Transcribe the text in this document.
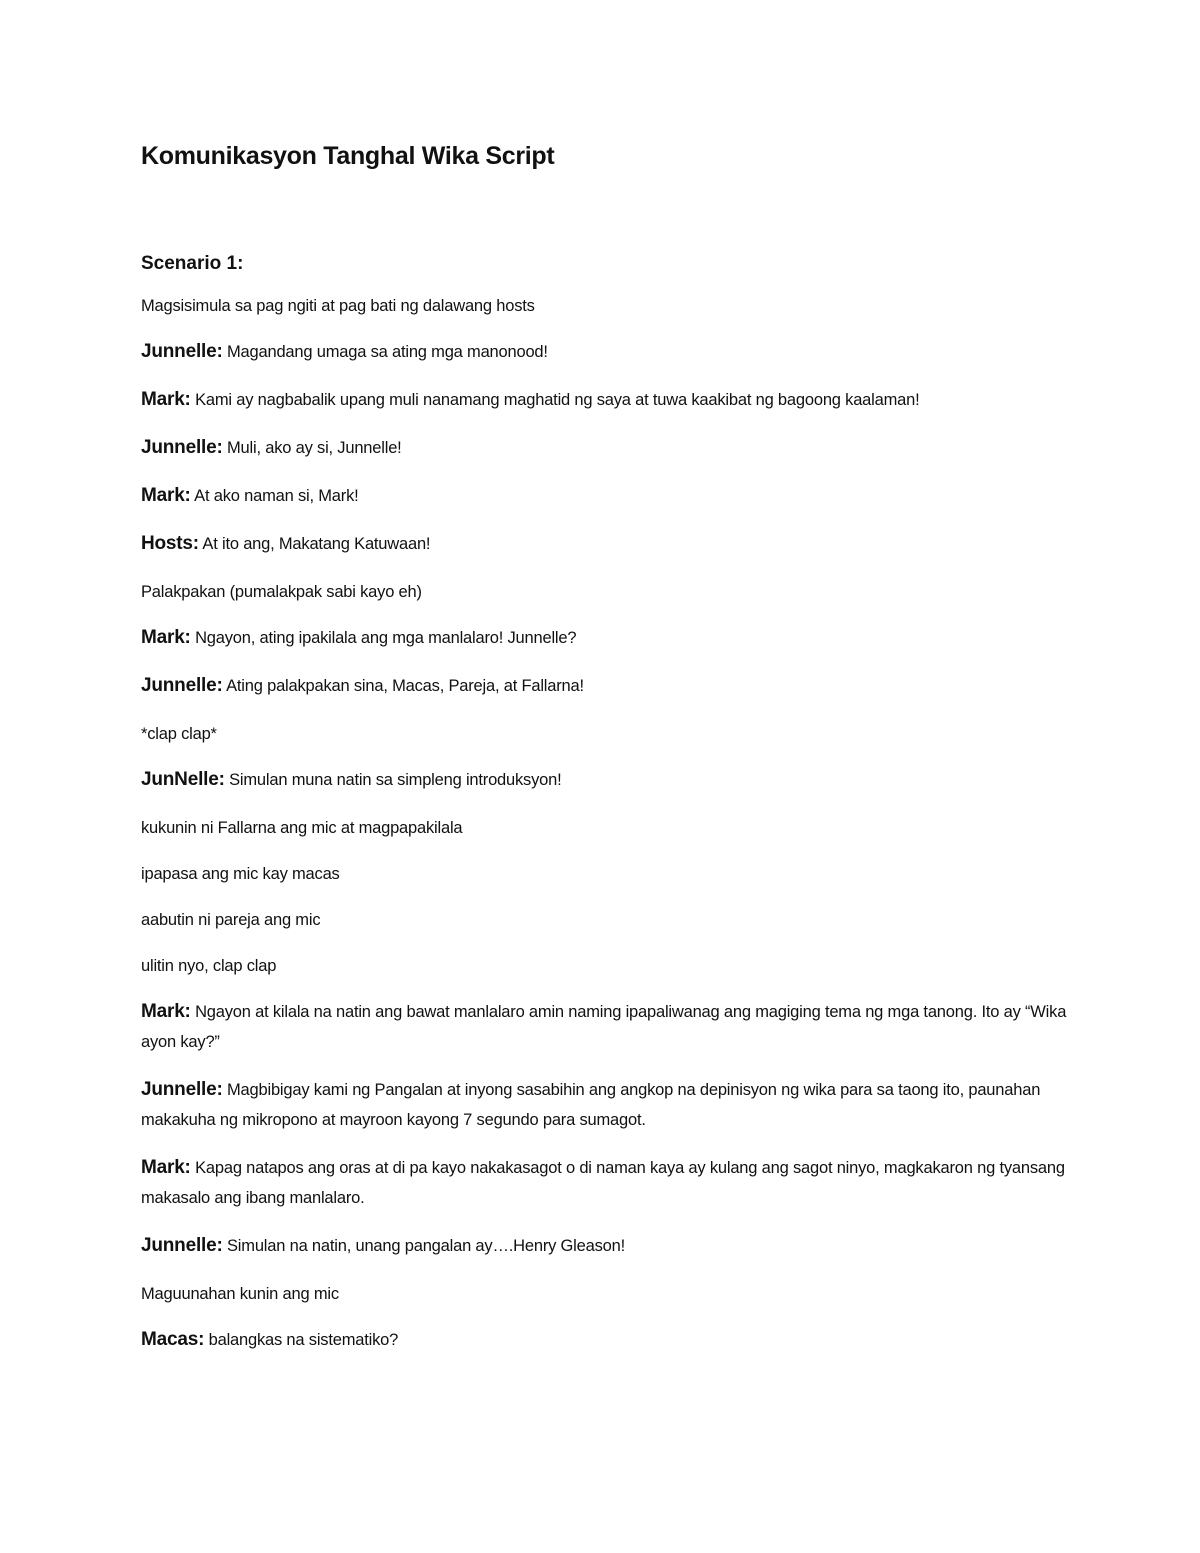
Komunikasyon Tanghal Wika Script
Scenario 1:

Magsisimula sa pag ngiti at pag bati ng dalawang hosts

Junnelle: Magandang umaga sa ating mga manonood!

Mark: Kami ay nagbabalik upang muli nanamang maghatid ng saya at tuwa kaakibat ng bagoong kaalaman!

Junnelle: Muli, ako ay si, Junnelle!

Mark: At ako naman si, Mark!

Hosts: At ito ang, Makatang Katuwaan!

Palakpakan (pumalakpak sabi kayo eh)

Mark: Ngayon, ating ipakilala ang mga manlalaro! Junnelle?

Junnelle: Ating palakpakan sina, Macas, Pareja, at Fallarna!

*clap clap*

JunNelle: Simulan muna natin sa simpleng introduksyon!

kukunin ni Fallarna ang mic at magpapakilala

ipapasa ang mic kay macas

aabutin ni pareja ang mic

ulitin nyo, clap clap

Mark: Ngayon at kilala na natin ang bawat manlalaro amin naming ipapaliwanag ang magiging tema ng mga tanong. Ito ay “Wika ayon kay?”

Junnelle: Magbibigay kami ng Pangalan at inyong sasabihin ang angkop na depinisyon ng wika para sa taong ito, paunahan makakuha ng mikropono at mayroon kayong 7 segundo para sumagot.

Mark: Kapag natapos ang oras at di pa kayo nakakasagot o di naman kaya ay kulang ang sagot ninyo, magkakaron ng tyansang makasalo ang ibang manlalaro.

Junnelle: Simulan na natin, unang pangalan ay….Henry Gleason!

Maguunahan kunin ang mic

Macas: balangkas na sistematiko?
